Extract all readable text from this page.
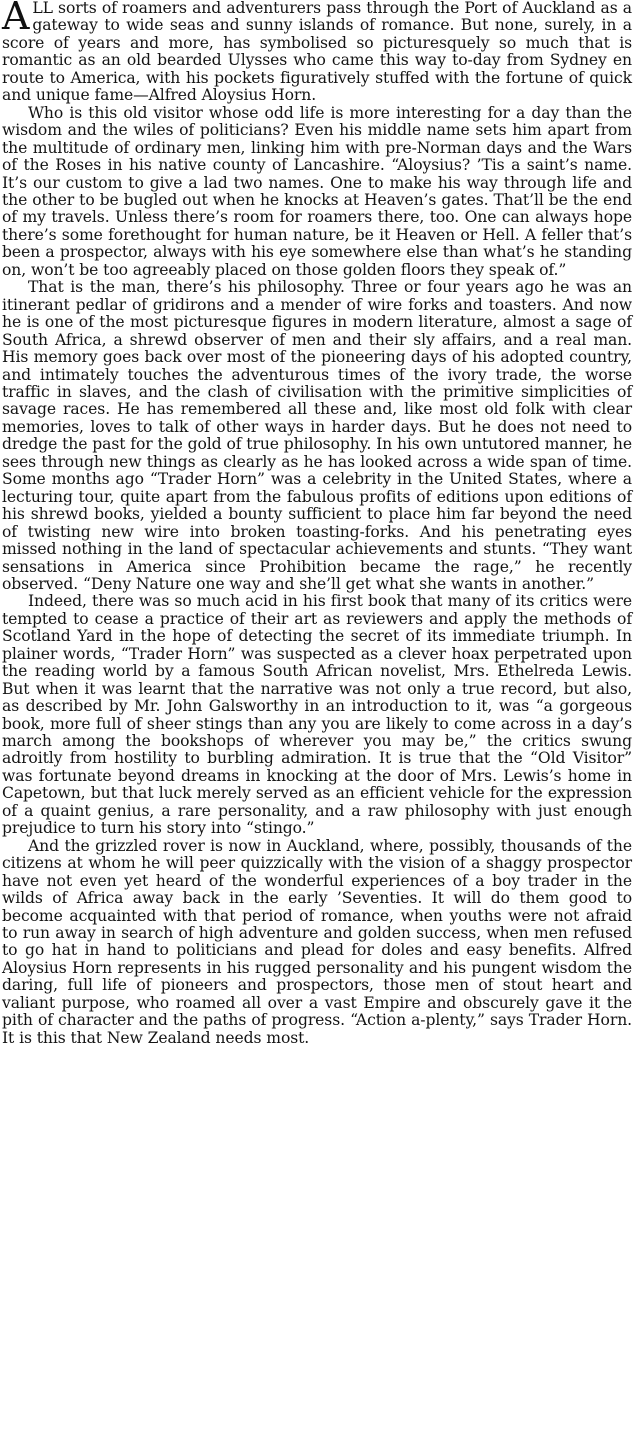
ALL sorts of roamers and adventurers pass through the Port of Auckland as a gateway to wide seas and sunny islands of romance. But none, surely, in a score of years and more, has symbolised so picturesquely so much that is romantic as an old bearded Ulysses who came this way to-day from Sydney en route to America, with his pockets figuratively stuffed with the fortune of quick and unique fame—Alfred Aloysius Horn.

Who is this old visitor whose odd life is more interesting for a day than the wisdom and the wiles of politicians? Even his middle name sets him apart from the multitude of ordinary men, linking him with pre-Norman days and the Wars of the Roses in his native county of Lancashire. “Aloysius? ’Tis a saint’s name. It’s our custom to give a lad two names. One to make his way through life and the other to be bugled out when he knocks at Heaven’s gates. That’ll be the end of my travels. Unless there’s room for roamers there, too. One can always hope there’s some forethought for human nature, be it Heaven or Hell. A feller that’s been a prospector, always with his eye somewhere else than what’s he standing on, won’t be too agreeably placed on those golden floors they speak of.”

That is the man, there’s his philosophy. Three or four years ago he was an itinerant pedlar of gridirons and a mender of wire forks and toasters. And now he is one of the most picturesque figures in modern literature, almost a sage of South Africa, a shrewd observer of men and their sly affairs, and a real man. His memory goes back over most of the pioneering days of his adopted country, and intimately touches the adventurous times of the ivory trade, the worse traffic in slaves, and the clash of civilisation with the primitive simplicities of savage races. He has remembered all these and, like most old folk with clear memories, loves to talk of other ways in harder days. But he does not need to dredge the past for the gold of true philosophy. In his own untutored manner, he sees through new things as clearly as he has looked across a wide span of time. Some months ago “Trader Horn” was a celebrity in the United States, where a lecturing tour, quite apart from the fabulous profits of editions upon editions of his shrewd books, yielded a bounty sufficient to place him far beyond the need of twisting new wire into broken toasting-forks. And his penetrating eyes missed nothing in the land of spectacular achievements and stunts. “They want sensations in America since Prohibition became the rage,” he recently observed. “Deny Nature one way and she’ll get what she wants in another.”

Indeed, there was so much acid in his first book that many of its critics were tempted to cease a practice of their art as reviewers and apply the methods of Scotland Yard in the hope of detecting the secret of its immediate triumph. In plainer words, “Trader Horn” was suspected as a clever hoax perpetrated upon the reading world by a famous South African novelist, Mrs. Ethelreda Lewis. But when it was learnt that the narrative was not only a true record, but also, as described by Mr. John Galsworthy in an introduction to it, was “a gorgeous book, more full of sheer stings than any you are likely to come across in a day’s march among the bookshops of wherever you may be,” the critics swung adroitly from hostility to burbling admiration. It is true that the “Old Visitor” was fortunate beyond dreams in knocking at the door of Mrs. Lewis’s home in Capetown, but that luck merely served as an efficient vehicle for the expression of a quaint genius, a rare personality, and a raw philosophy with just enough prejudice to turn his story into “stingo.”

And the grizzled rover is now in Auckland, where, possibly, thousands of the citizens at whom he will peer quizzically with the vision of a shaggy prospector have not even yet heard of the wonderful experiences of a boy trader in the wilds of Africa away back in the early ’Seventies. It will do them good to become acquainted with that period of romance, when youths were not afraid to run away in search of high adventure and golden success, when men refused to go hat in hand to politicians and plead for doles and easy benefits. Alfred Aloysius Horn represents in his rugged personality and his pungent wisdom the daring, full life of pioneers and prospectors, those men of stout heart and valiant purpose, who roamed all over a vast Empire and obscurely gave it the pith of character and the paths of progress. “Action a-plenty,” says Trader Horn. It is this that New Zealand needs most.
